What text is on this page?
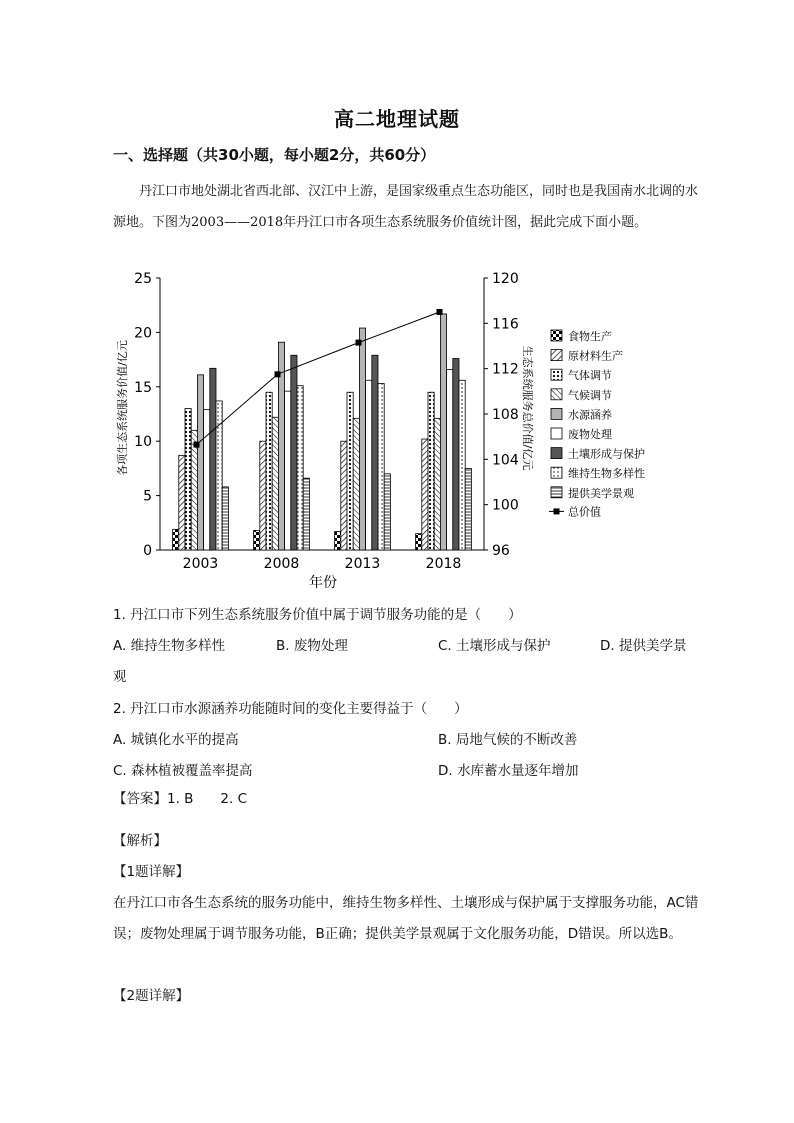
高二地理试题
一、选择题（共30小题，每小题2分，共60分）
丹江口市地处湖北省西北部、汉江中上游，是国家级重点生态功能区，同时也是我国南水北调的水源地。下图为2003——2018年丹江口市各项生态系统服务价值统计图，据此完成下面小题。
0
5
10
15
20
25
96
100
104
108
112
116
120
2003	2008	2013	2018
食物生产
原材料生产
气体调节
气候调节
水源涵养
废物处理
土壤形成与保护
维持生物多样性
提供美学景观
总价值
各项生态系统服务价值/亿元	生态系统服务总价值/亿元
年份
1. 丹江口市下列生态系统服务价值中属于调节服务功能的是（　　）
A. 维持生物多样性	B. 废物处理	C. 土壤形成与保护	D. 提供美学景
观
2. 丹江口市水源涵养功能随时间的变化主要得益于（　　）
A. 城镇化水平的提高	B. 局地气候的不断改善
C. 森林植被覆盖率提高	D. 水库蓄水量逐年增加
【答案】1. B　　2. C
【解析】
【1题详解】
在丹江口市各生态系统的服务功能中，维持生物多样性、土壤形成与保护属于支撑服务功能，AC错误；废物处理属于调节服务功能，B正确；提供美学景观属于文化服务功能，D错误。所以选B。
【2题详解】
